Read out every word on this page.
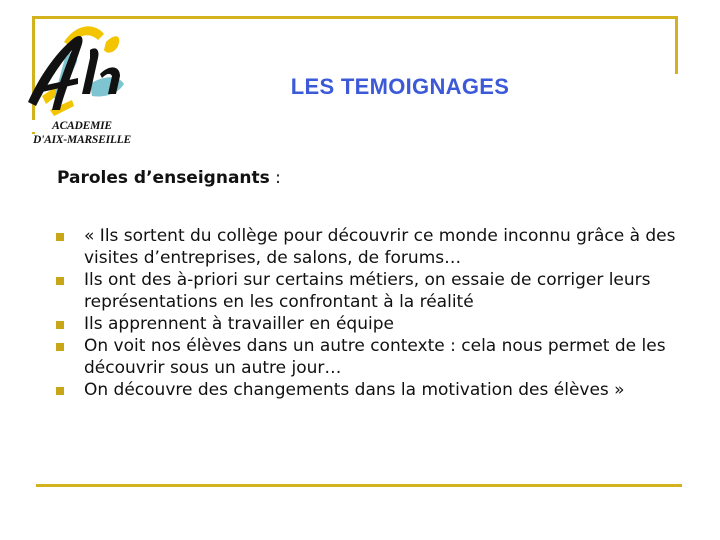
ACADEMIE
D'AIX-MARSEILLE
LES TEMOIGNAGES
Paroles d’enseignants :
« Ils sortent du collège pour découvrir ce monde inconnu grâce à des visites d’entreprises, de salons, de forums…
Ils ont des à-priori sur certains métiers, on essaie de corriger leurs représentations en les confrontant à la réalité
Ils apprennent à travailler en équipe
On voit nos élèves dans un autre contexte : cela nous permet de les découvrir sous un autre jour…
On découvre des changements dans la motivation des élèves »
